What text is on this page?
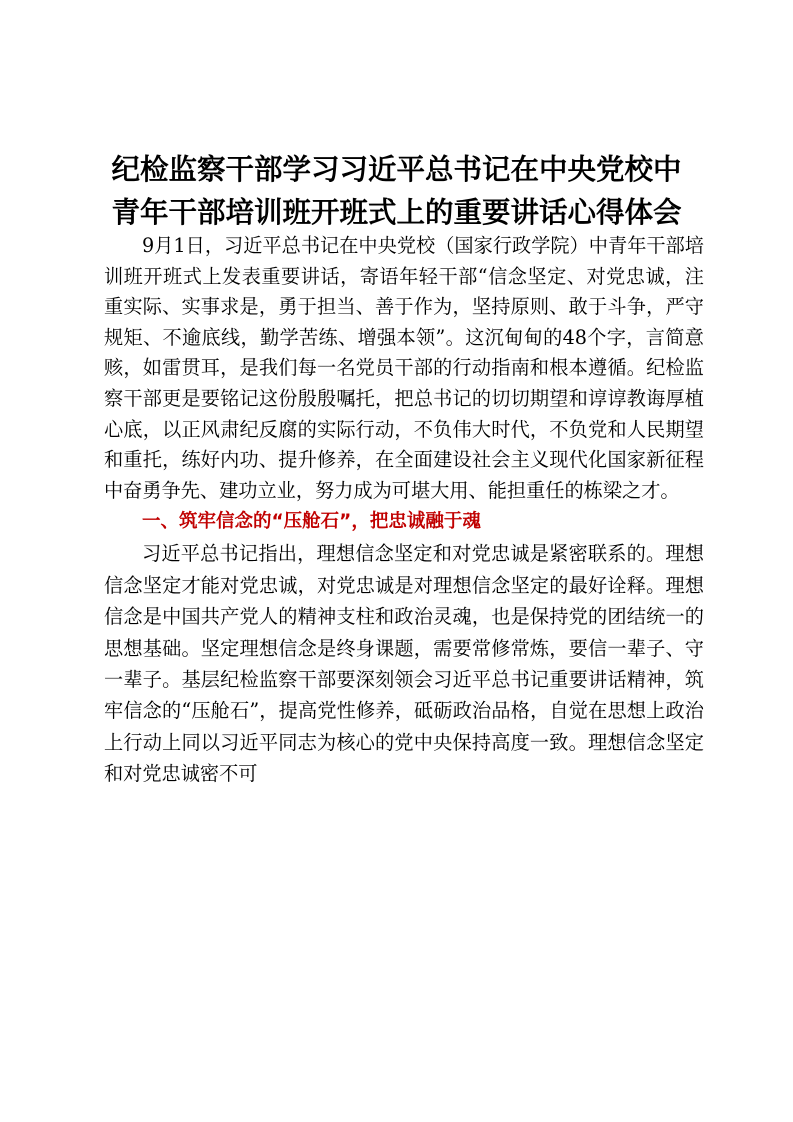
纪检监察干部学习习近平总书记在中央党校中
青年干部培训班开班式上的重要讲话心得体会

9月1日，习近平总书记在中央党校（国家行政学院）中青年干部培训班开班式上发表重要讲话，寄语年轻干部“信念坚定、对党忠诚，注重实际、实事求是，勇于担当、善于作为，坚持原则、敢于斗争，严守规矩、不逾底线，勤学苦练、增强本领”。这沉甸甸的48个字，言简意赅，如雷贯耳，是我们每一名党员干部的行动指南和根本遵循。纪检监察干部更是要铭记这份殷殷嘱托，把总书记的切切期望和谆谆教诲厚植心底，以正风肃纪反腐的实际行动，不负伟大时代，不负党和人民期望和重托，练好内功、提升修养，在全面建设社会主义现代化国家新征程中奋勇争先、建功立业，努力成为可堪大用、能担重任的栋梁之才。

一、筑牢信念的“压舱石”，把忠诚融于魂

习近平总书记指出，理想信念坚定和对党忠诚是紧密联系的。理想信念坚定才能对党忠诚，对党忠诚是对理想信念坚定的最好诠释。理想信念是中国共产党人的精神支柱和政治灵魂，也是保持党的团结统一的思想基础。坚定理想信念是终身课题，需要常修常炼，要信一辈子、守一辈子。基层纪检监察干部要深刻领会习近平总书记重要讲话精神，筑牢信念的“压舱石”，提高党性修养，砥砺政治品格，自觉在思想上政治上行动上同以习近平同志为核心的党中央保持高度一致。理想信念坚定和对党忠诚密不可
